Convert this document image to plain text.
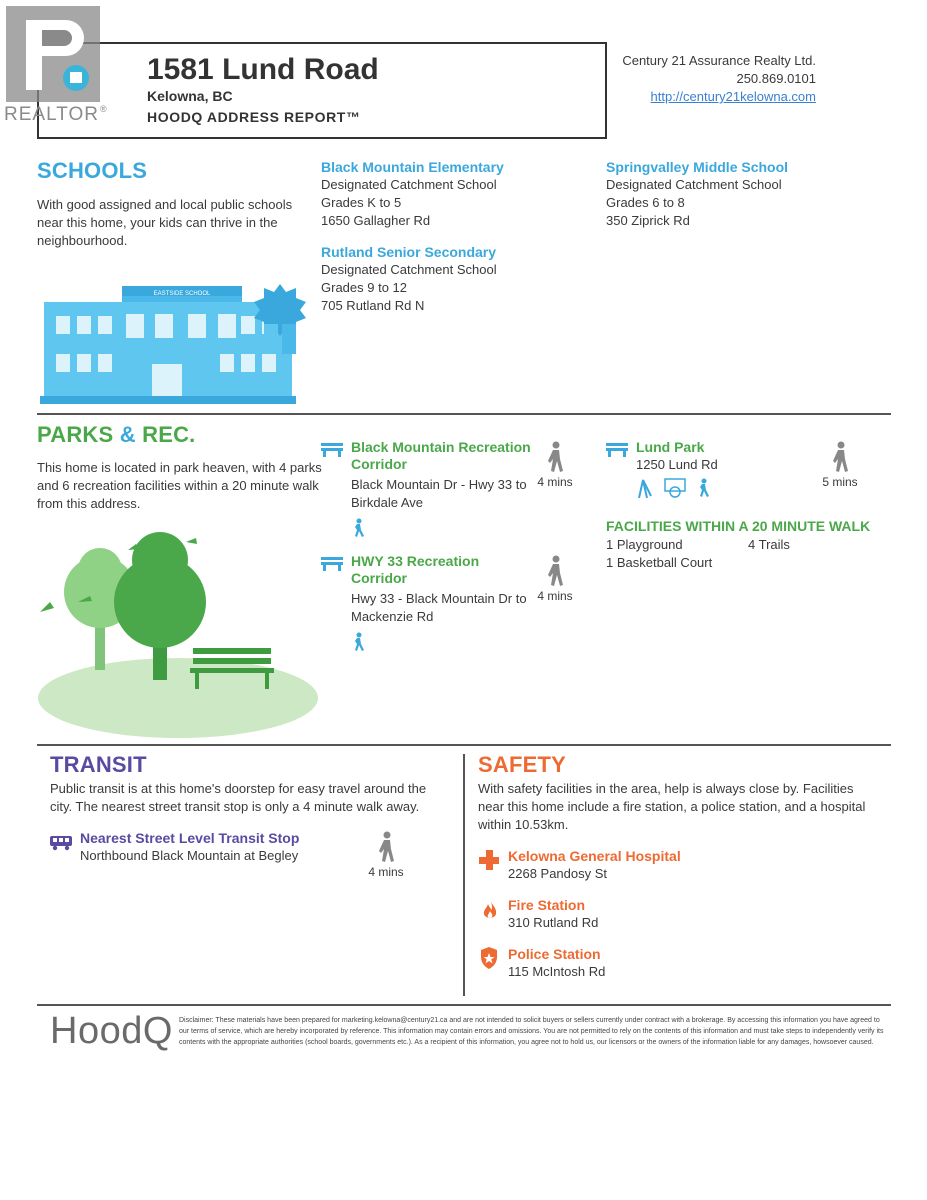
REALTOR ®
1581 Lund Road
Kelowna, BC
HOODQ ADDRESS REPORT™
Century 21 Assurance Realty Ltd.
250.869.0101
http://century21kelowna.com
SCHOOLS
With good assigned and local public schools near this home, your kids can thrive in the neighbourhood.
EASTSIDE SCHOOL
Black Mountain Elementary
Designated Catchment School
Grades K to 5
1650 Gallagher Rd
Springvalley Middle School
Designated Catchment School
Grades 6 to 8
350 Ziprick Rd
Rutland Senior Secondary
Designated Catchment School
Grades 9 to 12
705 Rutland Rd N
PARKS & REC.
This home is located in park heaven, with 4 parks and 6 recreation facilities within a 20 minute walk from this address.
Black Mountain Recreation Corridor
Black Mountain Dr - Hwy 33 to Birkdale Ave
4 mins
HWY 33 Recreation Corridor
Hwy 33 - Black Mountain Dr to Mackenzie Rd
4 mins
Lund Park
1250 Lund Rd
5 mins
FACILITIES WITHIN A 20 MINUTE WALK
1 Playground	4 Trails
1 Basketball Court
TRANSIT
Public transit is at this home's doorstep for easy travel around the city. The nearest street transit stop is only a 4 minute walk away.
Nearest Street Level Transit Stop
Northbound Black Mountain at Begley
4 mins
SAFETY
With safety facilities in the area, help is always close by. Facilities near this home include a fire station, a police station, and a hospital within 10.53km.
Kelowna General Hospital
2268 Pandosy St
Fire Station
310 Rutland Rd
Police Station
115 McIntosh Rd
HoodQ Disclaimer: These materials have been prepared for marketing.kelowna@century21.ca and are not intended to solicit buyers or sellers currently under contract with a brokerage. By accessing this information you have agreed to our terms of service, which are hereby incorporated by reference. This information may contain errors and omissions. You are not permitted to rely on the contents of this information and must take steps to independently verify its contents with the appropriate authorities (school boards, governments etc.). As a recipient of this information, you agree not to hold us, our licensors or the owners of the information liable for any damages, howsoever caused.
